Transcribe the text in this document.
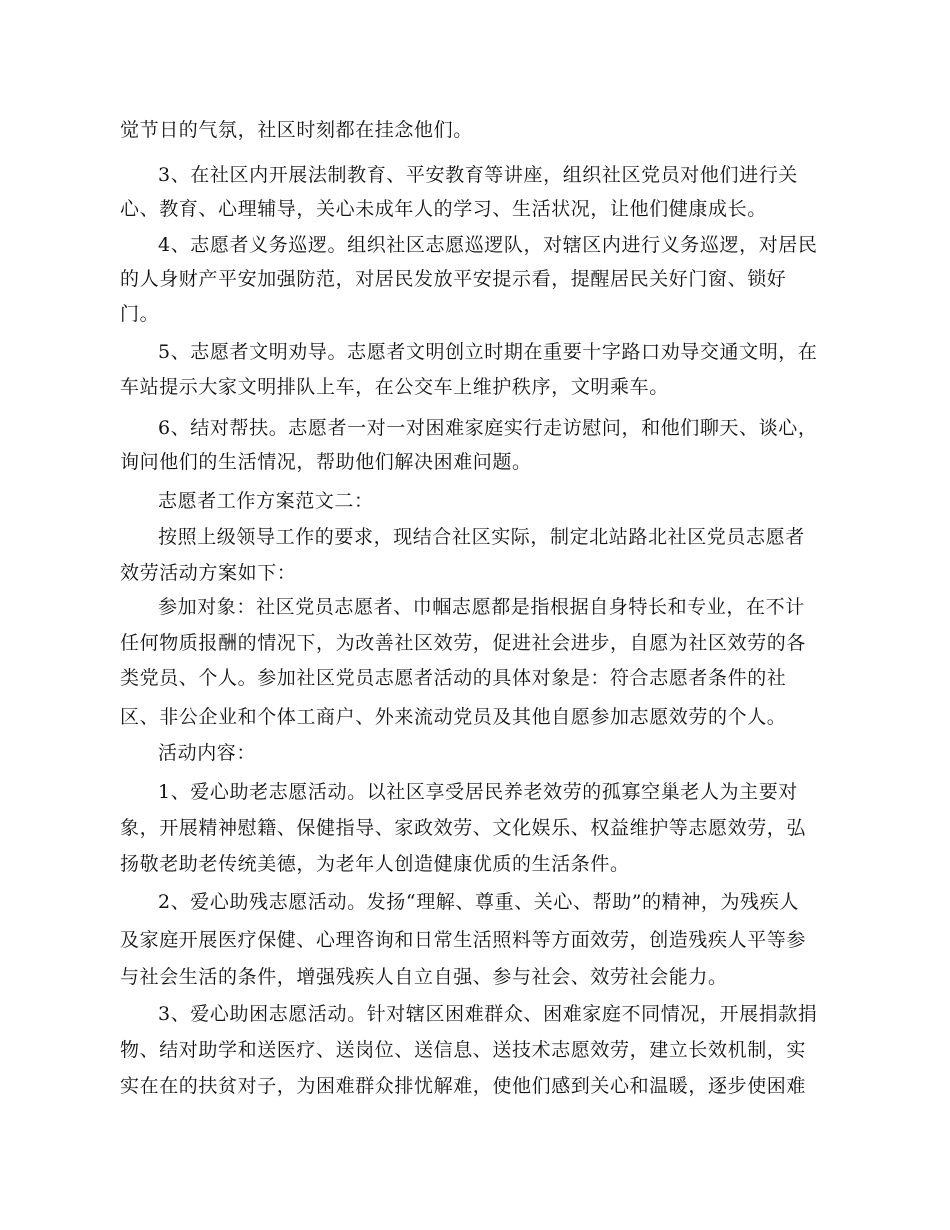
觉节日的气氛，社区时刻都在挂念他们。
3、在社区内开展法制教育、平安教育等讲座，组织社区党员对他们进行关
心、教育、心理辅导，关心未成年人的学习、生活状况，让他们健康成长。
4、志愿者义务巡逻。组织社区志愿巡逻队，对辖区内进行义务巡逻，对居民
的人身财产平安加强防范，对居民发放平安提示看，提醒居民关好门窗、锁好
门。
5、志愿者文明劝导。志愿者文明创立时期在重要十字路口劝导交通文明，在
车站提示大家文明排队上车，在公交车上维护秩序，文明乘车。
6、结对帮扶。志愿者一对一对困难家庭实行走访慰问，和他们聊天、谈心，
询问他们的生活情况，帮助他们解决困难问题。
志愿者工作方案范文二：
按照上级领导工作的要求，现结合社区实际，制定北站路北社区党员志愿者
效劳活动方案如下：
参加对象：社区党员志愿者、巾帼志愿都是指根据自身特长和专业，在不计
任何物质报酬的情况下，为改善社区效劳，促进社会进步，自愿为社区效劳的各
类党员、个人。参加社区党员志愿者活动的具体对象是：符合志愿者条件的社
区、非公企业和个体工商户、外来流动党员及其他自愿参加志愿效劳的个人。
活动内容：
1、爱心助老志愿活动。以社区享受居民养老效劳的孤寡空巢老人为主要对
象，开展精神慰籍、保健指导、家政效劳、文化娱乐、权益维护等志愿效劳，弘
扬敬老助老传统美德，为老年人创造健康优质的生活条件。
2、爱心助残志愿活动。发扬“理解、尊重、关心、帮助”的精神，为残疾人
及家庭开展医疗保健、心理咨询和日常生活照料等方面效劳，创造残疾人平等参
与社会生活的条件，增强残疾人自立自强、参与社会、效劳社会能力。
3、爱心助困志愿活动。针对辖区困难群众、困难家庭不同情况，开展捐款捐
物、结对助学和送医疗、送岗位、送信息、送技术志愿效劳，建立长效机制，实
实在在的扶贫对子，为困难群众排忧解难，使他们感到关心和温暖，逐步使困难
